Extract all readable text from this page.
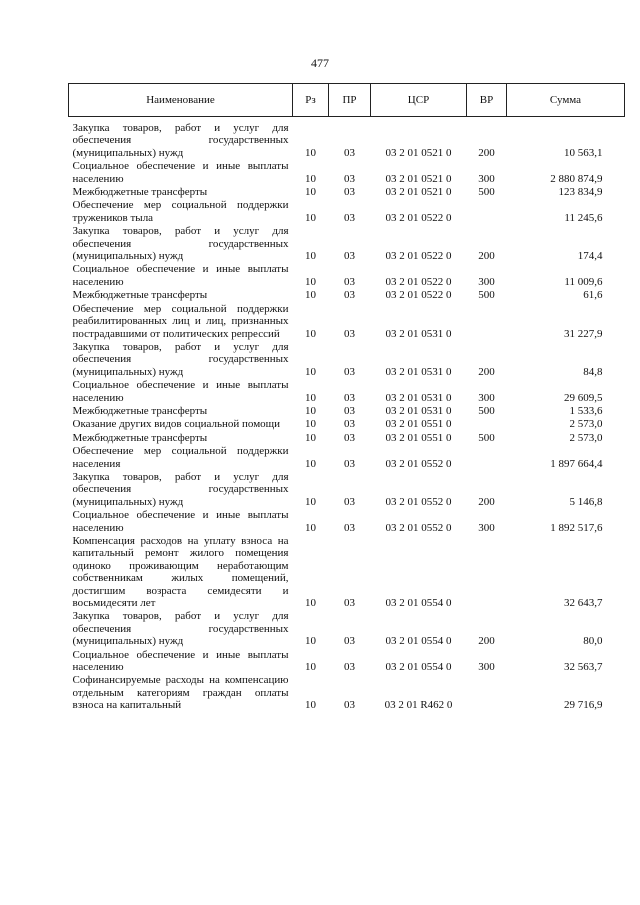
477
Наименование	Рз	ПР	ЦСР	ВР	Сумма
Закупка товаров, работ и услуг для обеспечения государственных (муниципальных) нужд	10	03	03 2 01 0521 0	200	10 563,1
Социальное обеспечение и иные выплаты населению	10	03	03 2 01 0521 0	300	2 880 874,9
Межбюджетные трансферты	10	03	03 2 01 0521 0	500	123 834,9
Обеспечение мер социальной поддержки тружеников тыла	10	03	03 2 01 0522 0		11 245,6
Закупка товаров, работ и услуг для обеспечения государственных (муниципальных) нужд	10	03	03 2 01 0522 0	200	174,4
Социальное обеспечение и иные выплаты населению	10	03	03 2 01 0522 0	300	11 009,6
Межбюджетные трансферты	10	03	03 2 01 0522 0	500	61,6
Обеспечение мер социальной поддержки реабилитированных лиц и лиц, признанных пострадавшими от политических репрессий	10	03	03 2 01 0531 0		31 227,9
Закупка товаров, работ и услуг для обеспечения государственных (муниципальных) нужд	10	03	03 2 01 0531 0	200	84,8
Социальное обеспечение и иные выплаты населению	10	03	03 2 01 0531 0	300	29 609,5
Межбюджетные трансферты	10	03	03 2 01 0531 0	500	1 533,6
Оказание других видов социальной помощи	10	03	03 2 01 0551 0		2 573,0
Межбюджетные трансферты	10	03	03 2 01 0551 0	500	2 573,0
Обеспечение мер социальной поддержки населения	10	03	03 2 01 0552 0		1 897 664,4
Закупка товаров, работ и услуг для обеспечения государственных (муниципальных) нужд	10	03	03 2 01 0552 0	200	5 146,8
Социальное обеспечение и иные выплаты населению	10	03	03 2 01 0552 0	300	1 892 517,6
Компенсация расходов на уплату взноса на капитальный ремонт жилого помещения одиноко проживающим неработающим собственникам жилых помещений, достигшим возраста семидесяти и восьмидесяти лет	10	03	03 2 01 0554 0		32 643,7
Закупка товаров, работ и услуг для обеспечения государственных (муниципальных) нужд	10	03	03 2 01 0554 0	200	80,0
Социальное обеспечение и иные выплаты населению	10	03	03 2 01 0554 0	300	32 563,7
Софинансируемые расходы на компенсацию отдельным категориям граждан оплаты взноса на капитальный	10	03	03 2 01 R462 0		29 716,9
